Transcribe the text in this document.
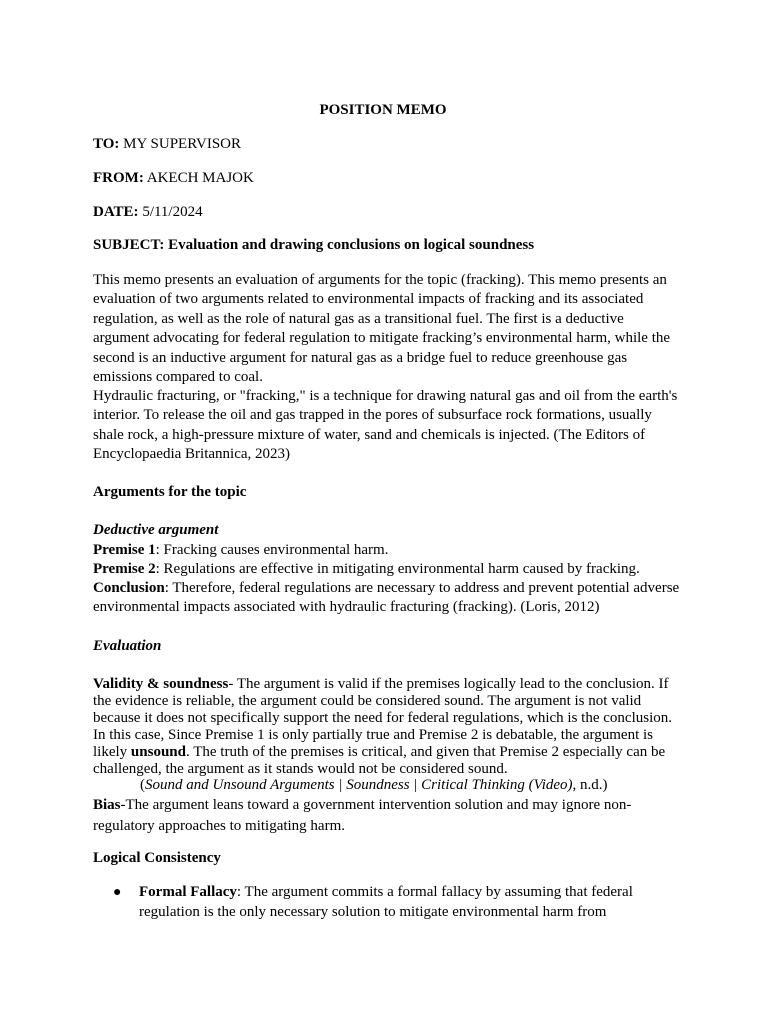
POSITION MEMO
TO: MY SUPERVISOR
FROM: AKECH MAJOK
DATE: 5/11/2024
SUBJECT: Evaluation and drawing conclusions on logical soundness
This memo presents an evaluation of arguments for the topic (fracking). This memo presents an evaluation of two arguments related to environmental impacts of fracking and its associated regulation, as well as the role of natural gas as a transitional fuel. The first is a deductive argument advocating for federal regulation to mitigate fracking’s environmental harm, while the second is an inductive argument for natural gas as a bridge fuel to reduce greenhouse gas emissions compared to coal.
Hydraulic fracturing, or "fracking," is a technique for drawing natural gas and oil from the earth's interior. To release the oil and gas trapped in the pores of subsurface rock formations, usually shale rock, a high-pressure mixture of water, sand and chemicals is injected. (The Editors of Encyclopaedia Britannica, 2023)
Arguments for the topic
Deductive argument
Premise 1: Fracking causes environmental harm.
Premise 2: Regulations are effective in mitigating environmental harm caused by fracking.
Conclusion: Therefore, federal regulations are necessary to address and prevent potential adverse environmental impacts associated with hydraulic fracturing (fracking). (Loris, 2012)
Evaluation
Validity & soundness- The argument is valid if the premises logically lead to the conclusion. If the evidence is reliable, the argument could be considered sound. The argument is not valid because it does not specifically support the need for federal regulations, which is the conclusion. In this case, Since Premise 1 is only partially true and Premise 2 is debatable, the argument is likely unsound. The truth of the premises is critical, and given that Premise 2 especially can be challenged, the argument as it stands would not be considered sound.
(Sound and Unsound Arguments | Soundness | Critical Thinking (Video), n.d.)
Bias-The argument leans toward a government intervention solution and may ignore non-regulatory approaches to mitigating harm.
Logical Consistency
●	Formal Fallacy: The argument commits a formal fallacy by assuming that federal regulation is the only necessary solution to mitigate environmental harm from
